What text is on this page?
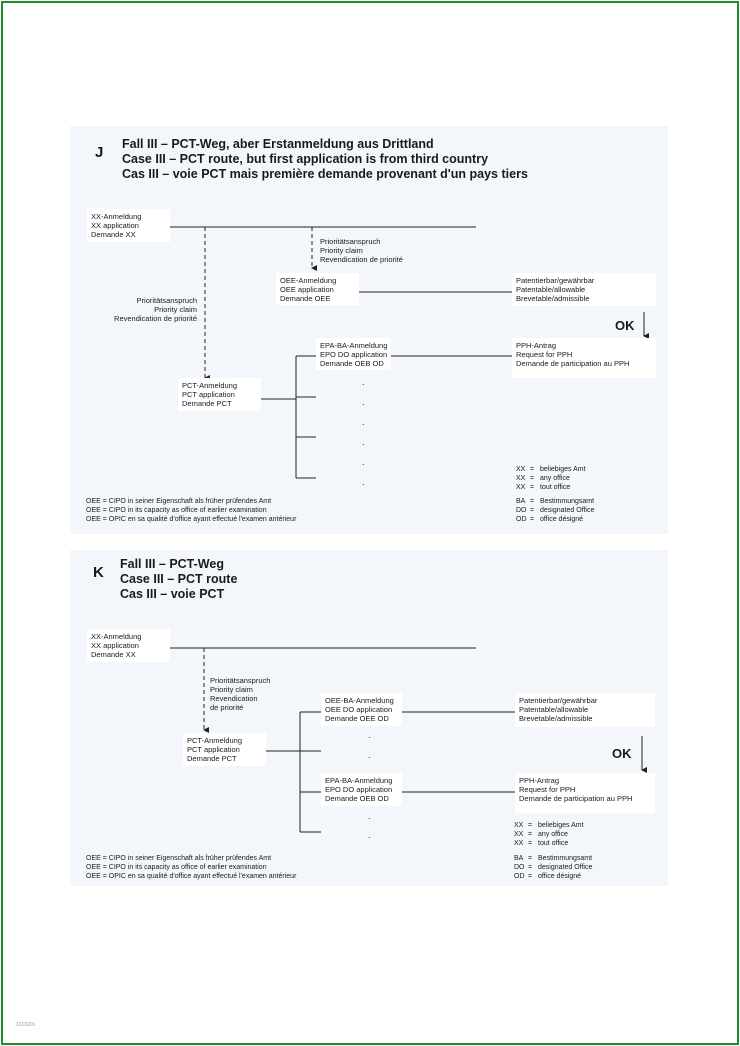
J Fall III – PCT-Weg, aber Erstanmeldung aus Drittland
Case III – PCT route, but first application is from third country
Cas III – voie PCT mais première demande provenant d'un pays tiers
XX-Anmeldung
XX application
Demande XX
Prioritätsanspruch
Priority claim
Revendication de priorité
Prioritätsanspruch
Priority claim
Revendication de priorité
OEE-Anmeldung
OEE application
Demande OEE
Patentierbar/gewährbar
Patentable/allowable
Brevetable/admissible
OK
EPA-BA-Anmeldung
EPO DO application
Demande OEB OD
PPH-Antrag
Request for PPH
Demande de participation au PPH
PCT-Anmeldung
PCT application
Demande PCT
.
.
.
.
.
.
XX = beliebiges Amt
XX = any office
XX = tout office
BA = Bestimmungsamt
DO = designated Office
OD = office désigné
OEE = CIPO in seiner Eigenschaft als früher prüfendes Amt
OEE = CIPO in its capacity as office of earlier examination
OEE = OPIC en sa qualité d'office ayant effectué l'examen antérieur
K Fall III – PCT-Weg
Case III – PCT route
Cas III – voie PCT
XX-Anmeldung
XX application
Demande XX
Prioritätsanspruch
Priority claim
Revendication
de priorité
OEE-BA-Anmeldung
OEE DO application
Demande OEE OD
Patentierbar/gewährbar
Patentable/allowable
Brevetable/admissible
PCT-Anmeldung
PCT application
Demande PCT	OK
EPA-BA-Anmeldung
EPO DO application
Demande OEB OD
PPH-Antrag
Request for PPH
Demande de participation au PPH
.
.
.
.
XX = beliebiges Amt
XX = any office
XX = tout office
BA = Bestimmungsamt
DO = designated Office
OD = office désigné
OEE = CIPO in seiner Eigenschaft als früher prüfendes Amt
OEE = CIPO in its capacity as office of earlier examination
OEE = OPIC en sa qualité d'office ayant effectué l'examen antérieur
1016201
